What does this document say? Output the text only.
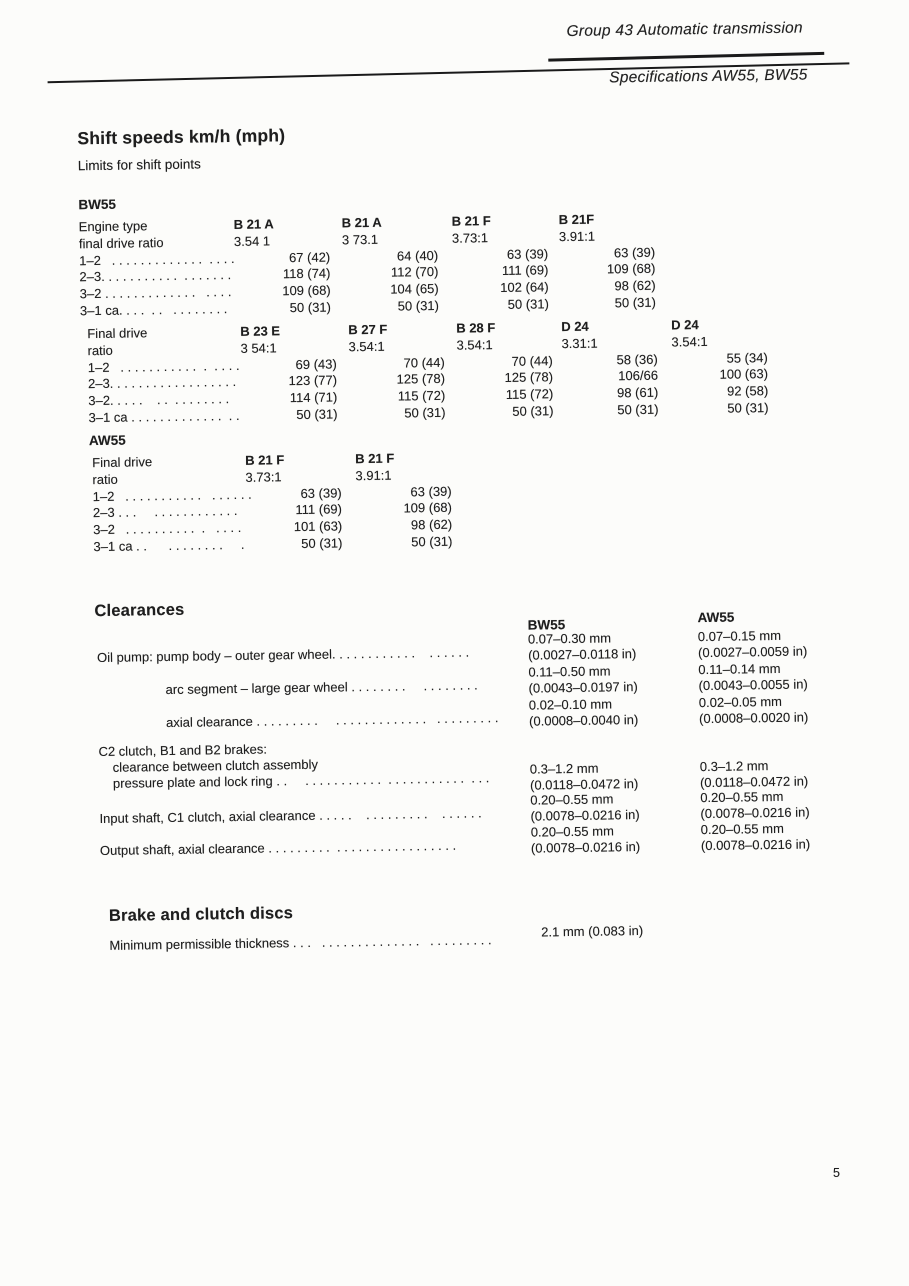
Group 43 Automatic transmission
Specifications AW55, BW55
Shift speeds km/h (mph)
Limits for shift points
BW55
Engine type
final drive ratio
1–2   . . . . . . . . . . . . .  . . . .
2–3. . . . . . . . . . .  . . . . . . .
3–2 . . . . . . . . . . . . .   . . . .
3–1 ca. . . .  . .   . . . . . . . .
B 21 A
3.54 1
67 (42)
118 (74)
109 (68)
50 (31)
B 21 A
3 73.1
64 (40)
112 (70)
104 (65)
50 (31)
B 21 F
3.73:1
63 (39)
111 (69)
102 (64)
50 (31)
B 21F
3.91:1
63 (39)
109 (68)
98 (62)
50 (31)
Final drive
ratio
1–2   . . . . . . . . . . .  .  . . . .
2–3. . . . . . . . . . . . . . . . . .
3–2. . . . .    . .  . . . . . . . .
3–1 ca . . . . . . . . . . . . .  . .
B 23 E
3 54:1
69 (43)
123 (77)
114 (71)
50 (31)
B 27 F
3.54:1
70 (44)
125 (78)
115 (72)
50 (31)
B 28 F
3.54:1
70 (44)
125 (78)
115 (72)
50 (31)
D 24
3.31:1
58 (36)
106/66
98 (61)
50 (31)
D 24
3.54:1
55 (34)
100 (63)
92 (58)
50 (31)
AW55
Final drive
ratio
1–2   . . . . . . . . . . .   . . . . . .
2–3 . . .     . . . . . . . . . . . .
3–2   . . . . . . . . . .  .   . . . .
3–1 ca . .      . . . . . . . .     .
B 21 F
3.73:1
63 (39)
111 (69)
101 (63)
50 (31)
B 21 F
3.91:1
63 (39)
109 (68)
98 (62)
50 (31)
Clearances
BW55	AW55
Oil pump: pump body – outer gear wheel. . . . . . . . . . . .    . . . . . .
0.07–0.30 mm
(0.0027–0.0118 in)
0.07–0.15 mm
(0.0027–0.0059 in)
arc segment – large gear wheel . . . . . . . .     . . . . . . . .
0.11–0.50 mm
(0.0043–0.0197 in)
0.11–0.14 mm
(0.0043–0.0055 in)
axial clearance . . . . . . . . .     . . . . . . . . . . . . .   . . . . . . . . .
0.02–0.10 mm
(0.0008–0.0040 in)
0.02–0.05 mm
(0.0008–0.0020 in)
C2 clutch, B1 and B2 brakes:
clearance between clutch assembly
pressure plate and lock ring . .     . . . . . . . . . . .  . . . . . . . . . . .  . . .
0.3–1.2 mm
(0.0118–0.0472 in)
0.3–1.2 mm
(0.0118–0.0472 in)
Input shaft, C1 clutch, axial clearance . . . . .    . . . . . . . . .    . . . . . .
0.20–0.55 mm
(0.0078–0.0216 in)
0.20–0.55 mm
(0.0078–0.0216 in)
Output shaft, axial clearance . . . . . . . . .  . . . . . . . . . . . . . . . . .
0.20–0.55 mm
(0.0078–0.0216 in)
0.20–0.55 mm
(0.0078–0.0216 in)
Brake and clutch discs
Minimum permissible thickness . . .   . . . . . . . . . . . . . .   . . . . . . . . .
2.1 mm (0.083 in)
5
